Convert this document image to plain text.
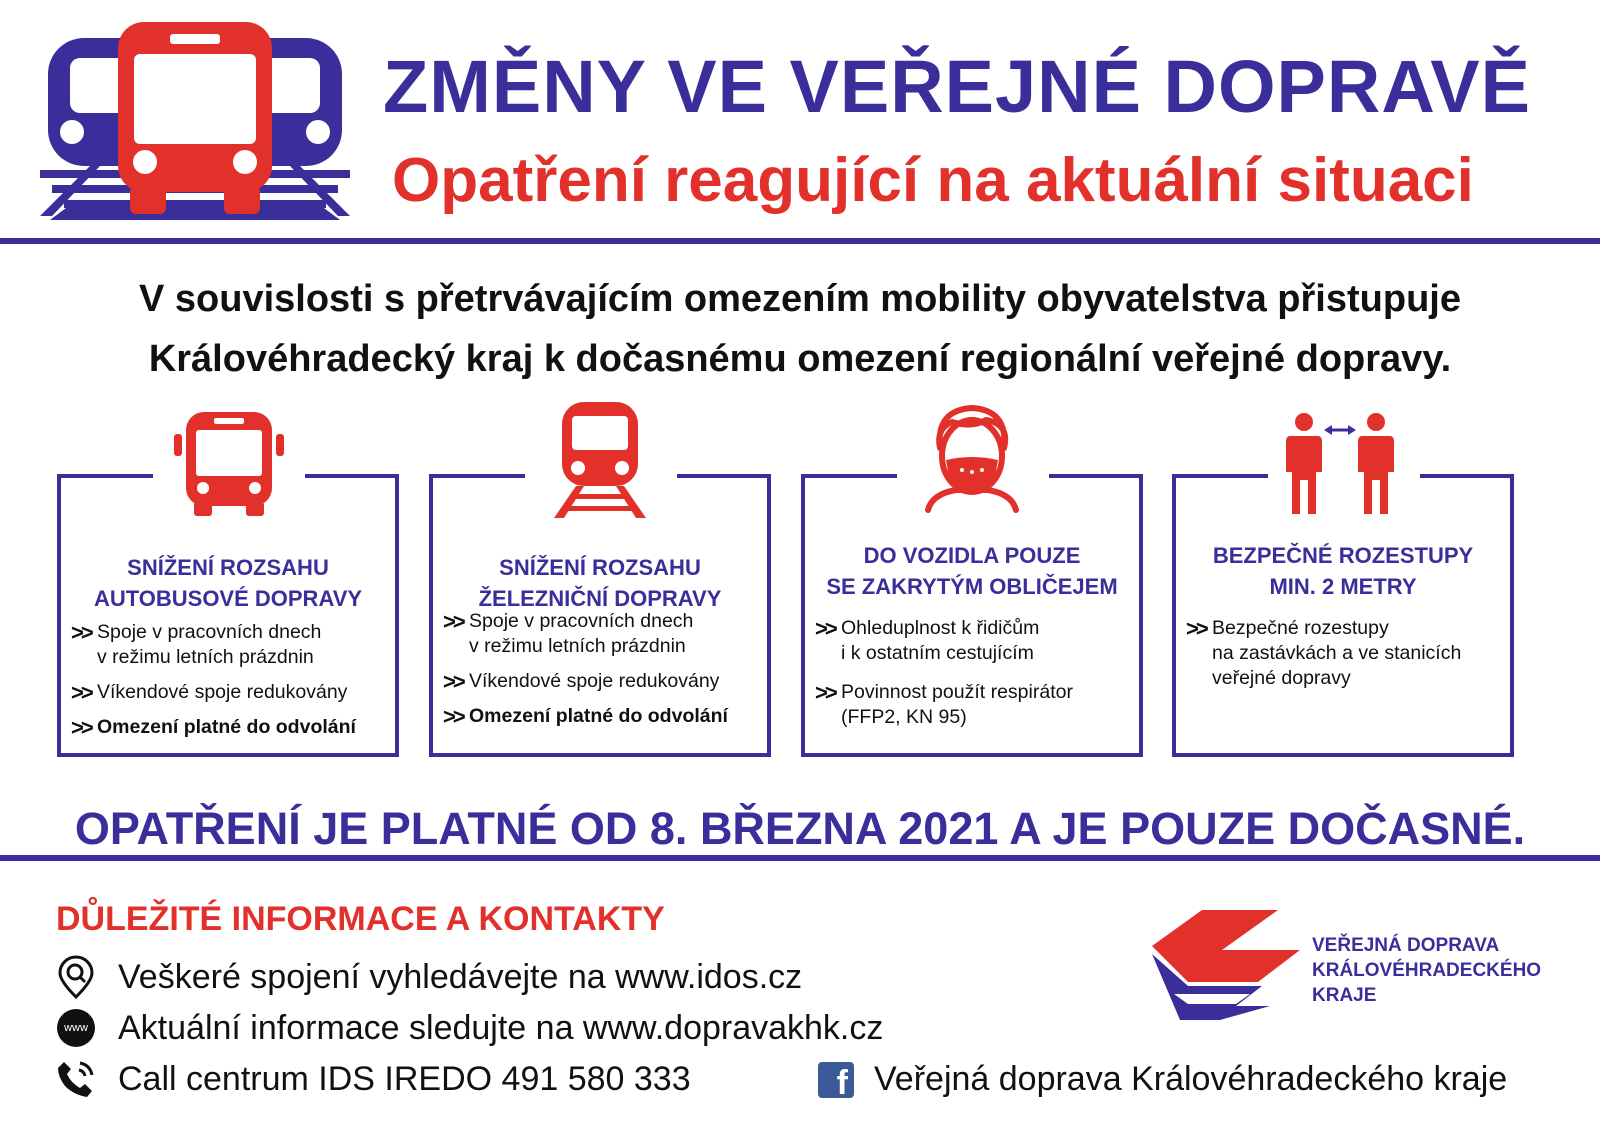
ZMĚNY VE VEŘEJNÉ DOPRAVĚ
Opatření reagující na aktuální situaci
V souvislosti s přetrvávajícím omezením mobility obyvatelstva přistupuje
Královéhradecký kraj k dočasnému omezení regionální veřejné dopravy.
SNÍŽENÍ ROZSAHU
AUTOBUSOVÉ DOPRAVY
>> Spoje v pracovních dnech
v režimu letních prázdnin
>> Víkendové spoje redukovány
>> Omezení platné do odvolání
SNÍŽENÍ ROZSAHU
ŽELEZNIČNÍ DOPRAVY
>> Spoje v pracovních dnech
v režimu letních prázdnin
>> Víkendové spoje redukovány
>> Omezení platné do odvolání
DO VOZIDLA POUZE
SE ZAKRYTÝM OBLIČEJEM
>> Ohleduplnost k řidičům
i k ostatním cestujícím
>> Povinnost použít respirátor
(FFP2, KN 95)
BEZPEČNÉ ROZESTUPY
MIN. 2 METRY
>> Bezpečné rozestupy
na zastávkách a ve stanicích
veřejné dopravy
OPATŘENÍ JE PLATNÉ OD 8. BŘEZNA 2021 A JE POUZE DOČASNÉ.
DŮLEŽITÉ INFORMACE A KONTAKTY
Veškeré spojení vyhledávejte na www.idos.cz
www Aktuální informace sledujte na www.dopravakhk.cz
Call centrum IDS IREDO 491 580 333
VEŘEJNÁ DOPRAVA
KRÁLOVÉHRADECKÉHO
KRAJE
f Veřejná doprava Královéhradeckého kraje
